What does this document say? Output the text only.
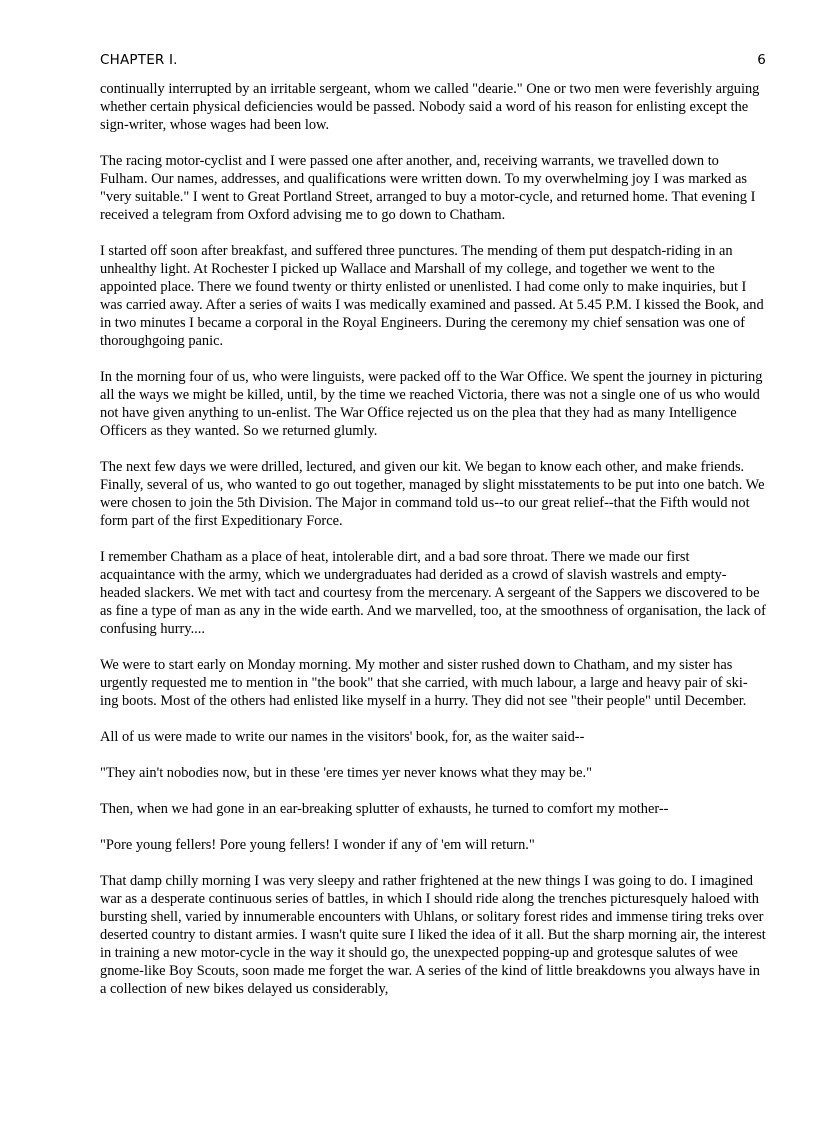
CHAPTER I.	6

continually interrupted by an irritable sergeant, whom we called "dearie." One or two men were feverishly arguing whether certain physical deficiencies would be passed. Nobody said a word of his reason for enlisting except the sign-writer, whose wages had been low.

The racing motor-cyclist and I were passed one after another, and, receiving warrants, we travelled down to Fulham. Our names, addresses, and qualifications were written down. To my overwhelming joy I was marked as "very suitable." I went to Great Portland Street, arranged to buy a motor-cycle, and returned home. That evening I received a telegram from Oxford advising me to go down to Chatham.

I started off soon after breakfast, and suffered three punctures. The mending of them put despatch-riding in an unhealthy light. At Rochester I picked up Wallace and Marshall of my college, and together we went to the appointed place. There we found twenty or thirty enlisted or unenlisted. I had come only to make inquiries, but I was carried away. After a series of waits I was medically examined and passed. At 5.45 P.M. I kissed the Book, and in two minutes I became a corporal in the Royal Engineers. During the ceremony my chief sensation was one of thoroughgoing panic.

In the morning four of us, who were linguists, were packed off to the War Office. We spent the journey in picturing all the ways we might be killed, until, by the time we reached Victoria, there was not a single one of us who would not have given anything to un-enlist. The War Office rejected us on the plea that they had as many Intelligence Officers as they wanted. So we returned glumly.

The next few days we were drilled, lectured, and given our kit. We began to know each other, and make friends. Finally, several of us, who wanted to go out together, managed by slight misstatements to be put into one batch. We were chosen to join the 5th Division. The Major in command told us--to our great relief--that the Fifth would not form part of the first Expeditionary Force.

I remember Chatham as a place of heat, intolerable dirt, and a bad sore throat. There we made our first acquaintance with the army, which we undergraduates had derided as a crowd of slavish wastrels and empty-headed slackers. We met with tact and courtesy from the mercenary. A sergeant of the Sappers we discovered to be as fine a type of man as any in the wide earth. And we marvelled, too, at the smoothness of organisation, the lack of confusing hurry....

We were to start early on Monday morning. My mother and sister rushed down to Chatham, and my sister has urgently requested me to mention in "the book" that she carried, with much labour, a large and heavy pair of ski-ing boots. Most of the others had enlisted like myself in a hurry. They did not see "their people" until December.

All of us were made to write our names in the visitors' book, for, as the waiter said--

"They ain't nobodies now, but in these 'ere times yer never knows what they may be."

Then, when we had gone in an ear-breaking splutter of exhausts, he turned to comfort my mother--

"Pore young fellers! Pore young fellers! I wonder if any of 'em will return."

That damp chilly morning I was very sleepy and rather frightened at the new things I was going to do. I imagined war as a desperate continuous series of battles, in which I should ride along the trenches picturesquely haloed with bursting shell, varied by innumerable encounters with Uhlans, or solitary forest rides and immense tiring treks over deserted country to distant armies. I wasn't quite sure I liked the idea of it all. But the sharp morning air, the interest in training a new motor-cycle in the way it should go, the unexpected popping-up and grotesque salutes of wee gnome-like Boy Scouts, soon made me forget the war. A series of the kind of little breakdowns you always have in a collection of new bikes delayed us considerably,
